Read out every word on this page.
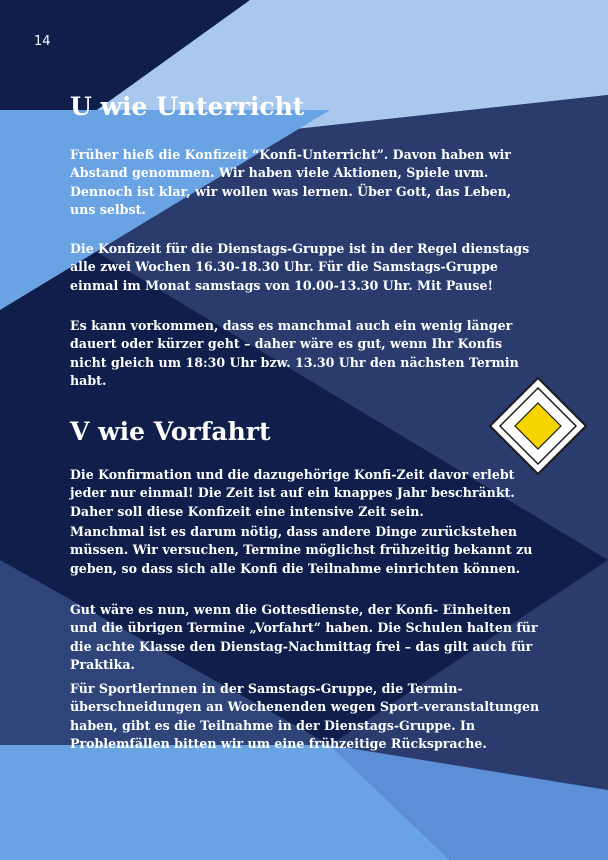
14
U wie Unterricht

Früher hieß die Konfizeit “Konfi-Unterricht”. Davon haben wir Abstand genommen. Wir haben viele Aktionen, Spiele uvm. Dennoch ist klar, wir wollen was lernen. Über Gott, das Leben, uns selbst.

Die Konfizeit für die Dienstags-Gruppe ist in der Regel dienstags alle zwei Wochen 16.30-18.30 Uhr. Für die Samstags-Gruppe einmal im Monat samstags von 10.00-13.30 Uhr. Mit Pause!

Es kann vorkommen, dass es manchmal auch ein wenig länger dauert oder kürzer geht – daher wäre es gut, wenn Ihr Konfis nicht gleich um 18:30 Uhr bzw. 13.30 Uhr den nächsten Termin habt.

V wie Vorfahrt

Die Konfirmation und die dazugehörige Konfi-Zeit davor erlebt jeder nur einmal! Die Zeit ist auf ein knappes Jahr beschränkt. Daher soll diese Konfizeit eine intensive Zeit sein.

Manchmal ist es darum nötig, dass andere Dinge zurückstehen müssen. Wir versuchen, Termine möglichst frühzeitig bekannt zu geben, so dass sich alle Konfi die Teilnahme einrichten können.

Gut wäre es nun, wenn die Gottesdienste, der Konfi- Einheiten und die übrigen Termine „Vorfahrt“ haben. Die Schulen halten für die achte Klasse den Dienstag-Nachmittag frei – das gilt auch für Praktika.

Für Sportlerinnen in der Samstags-Gruppe, die Termin-überschneidungen an Wochenenden wegen Sport-veranstaltungen haben, gibt es die Teilnahme in der Dienstags-Gruppe. In Problemfällen bitten wir um eine frühzeitige Rücksprache.
